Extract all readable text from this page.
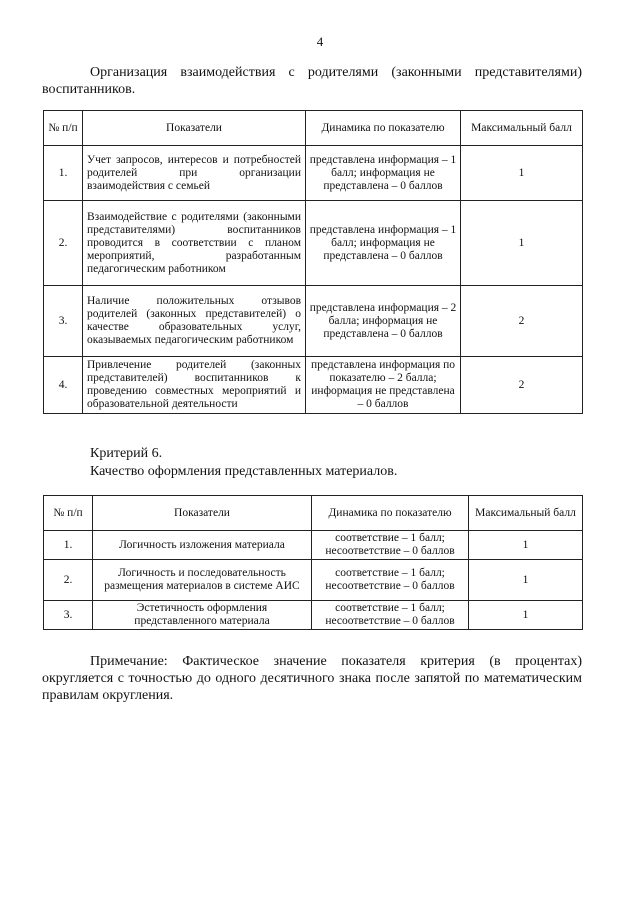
4
Организация взаимодействия с родителями (законными представителями) воспитанников.
№ п/п	Показатели	Динамика по показателю	Максимальный балл
1.	Учет запросов, интересов и потребностей родителей при организации взаимодействия с семьей	представлена информация – 1 балл; информация не представлена – 0 баллов	1
2.	Взаимодействие с родителями (законными представителями) воспитанников проводится в соответствии с планом мероприятий, разработанным педагогическим работником	представлена информация – 1 балл; информация не представлена – 0 баллов	1
3.	Наличие положительных отзывов родителей (законных представителей) о качестве образовательных услуг, оказываемых педагогическим работником	представлена информация – 2 балла; информация не представлена – 0 баллов	2
4.	Привлечение родителей (законных представителей) воспитанников к проведению совместных мероприятий и образовательной деятельности	представлена информация по показателю – 2 балла; информация не представлена – 0 баллов	2
Критерий 6.
Качество оформления представленных материалов.
№ п/п	Показатели	Динамика по показателю	Максимальный балл
1.	Логичность изложения материала	соответствие – 1 балл; несоответствие – 0 баллов	1
2.	Логичность и последовательность размещения материалов в системе АИС	соответствие – 1 балл; несоответствие – 0 баллов	1
3.	Эстетичность оформления представленного материала	соответствие – 1 балл; несоответствие – 0 баллов	1
Примечание: Фактическое значение показателя критерия (в процентах) округляется с точностью до одного десятичного знака после запятой по математическим правилам округления.
